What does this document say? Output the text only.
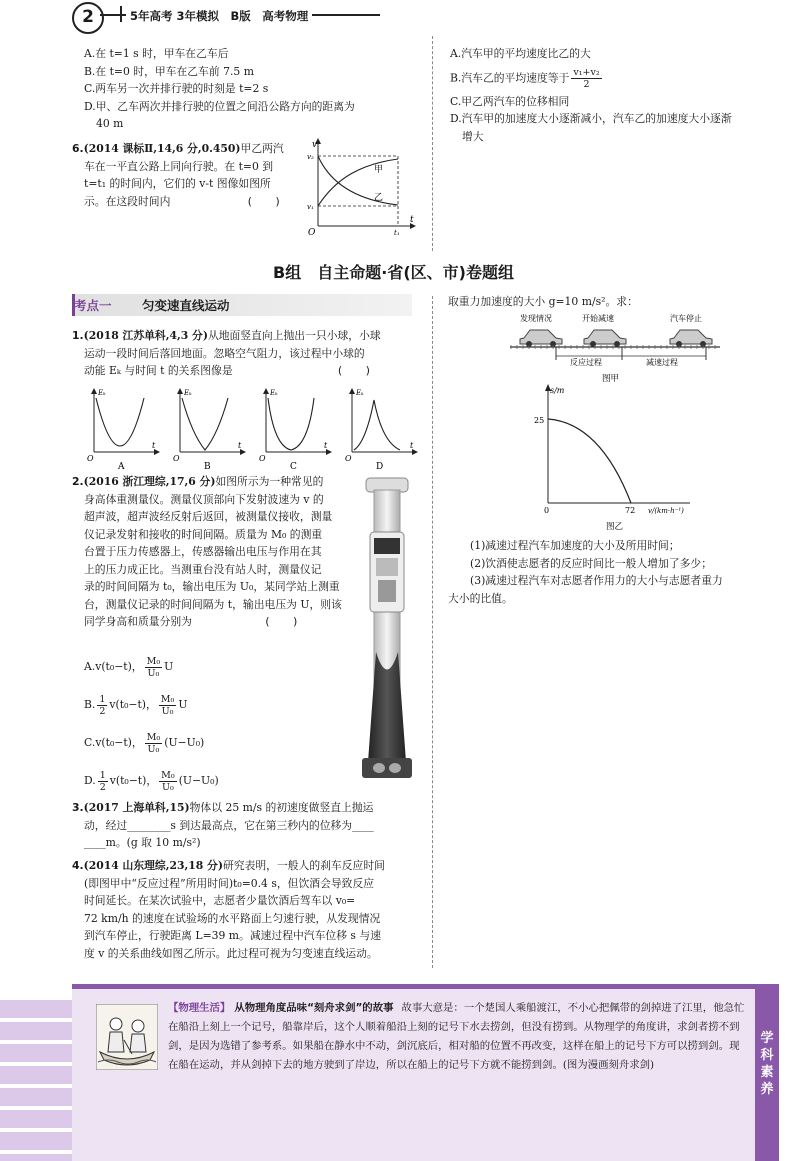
2	5年高考 3年模拟　B版　高考物理
A.在 t=1 s 时，甲车在乙车后
B.在 t=0 时，甲车在乙车前 7.5 m
C.两车另一次并排行驶的时刻是 t=2 s
D.甲、乙车两次并排行驶的位置之间沿公路方向的距离为
40 m
6.(2014 课标Ⅱ,14,6 分,0.450)甲乙两汽
车在一平直公路上同向行驶。在 t=0 到
t=t₁ 的时间内，它们的 v-t 图像如图所
示。在这段时间内	(　　)
v
t
O
v₂
v₁
t₁
甲
乙
A.汽车甲的平均速度比乙的大
B.汽车乙的平均速度等于 $\frac{\text{v₁+v₂}}{2}$
C.甲乙两汽车的位移相同
D.汽车甲的加速度大小逐渐减小，汽车乙的加速度大小逐渐
增大
B组　自主命题·省(区、市)卷题组
考点一 匀变速直线运动
1.(2018 江苏单科,4,3 分)从地面竖直向上抛出一只小球，小球
运动一段时间后落回地面。忽略空气阻力，该过程中小球的
动能 Eₖ 与时间 t 的关系图像是	(　　)
Eₖ
t
O
A
Eₖ
t
O
B
Eₖ
t
O
C
Eₖ
t
O
D
2.(2016 浙江理综,17,6 分)如图所示为一种常见的
身高体重测量仪。测量仪顶部向下发射波速为 v 的
超声波，超声波经反射后返回，被测量仪接收，测量
仪记录发射和接收的时间间隔。质量为 M₀ 的测重
台置于压力传感器上，传感器输出电压与作用在其
上的压力成正比。当测重台没有站人时，测量仪记
录的时间间隔为 t₀，输出电压为 U₀，某同学站上测重
台，测量仪记录的时间间隔为 t，输出电压为 U，则该
同学身高和质量分别为	(　　)
A. v(t₀−t)， $\frac{\text{M₀}}{\text{U₀}}$ U
B. $\frac{1}{2} v(t_0-t)$， $\frac{\text{M₀}}{\text{U₀}}$ U
C. v(t₀−t)， $\frac{\text{M₀}}{\text{U₀}} (U-U_0)$
D. $\frac{1}{2} v(t_0-t)$， $\frac{\text{M₀}}{\text{U₀}} (U-U_0)$
3.(2017 上海单科,15)物体以 25 m/s 的初速度做竖直上抛运
动，经过________s 到达最高点，它在第三秒内的位移为____
____m。(g 取 10 m/s²)
4.(2014 山东理综,23,18 分)研究表明，一般人的刹车反应时间
(即图甲中“反应过程”所用时间)t₀=0.4 s，但饮酒会导致反应
时间延长。在某次试验中，志愿者少量饮酒后驾车以 v₀=
72 km/h 的速度在试验场的水平路面上匀速行驶，从发现情况
到汽车停止，行驶距离 L=39 m。减速过程中汽车位移 s 与速
度 v 的关系曲线如图乙所示。此过程可视为匀变速直线运动。
取重力加速度的大小 g=10 m/s²。求：
发现情况	开始减速	汽车停止
反应过程	减速过程
图甲
s/m
25
0	72 v/(km·h⁻¹)
图乙
(1)减速过程汽车加速度的大小及所用时间；
(2)饮酒使志愿者的反应时间比一般人增加了多少；
(3)减速过程汽车对志愿者作用力的大小与志愿者重力
大小的比值。
学科素养
【物理生活】 从物理角度品味“刻舟求剑”的故事 故事大意是：一个楚国人乘船渡江，不小心把佩带的剑掉进了江里，他急忙在船沿上刻上一个记号，船靠岸后，这个人顺着船沿上刻的记号下水去捞剑，但没有捞到。从物理学的角度讲，求剑者捞不到剑，是因为选错了参考系。如果船在静水中不动，剑沉底后，相对船的位置不再改变，这样在船上的记号下方可以捞到剑。现在船在运动，并从剑掉下去的地方驶到了岸边，所以在船上的记号下方就不能捞到剑。(图为漫画刻舟求剑)
